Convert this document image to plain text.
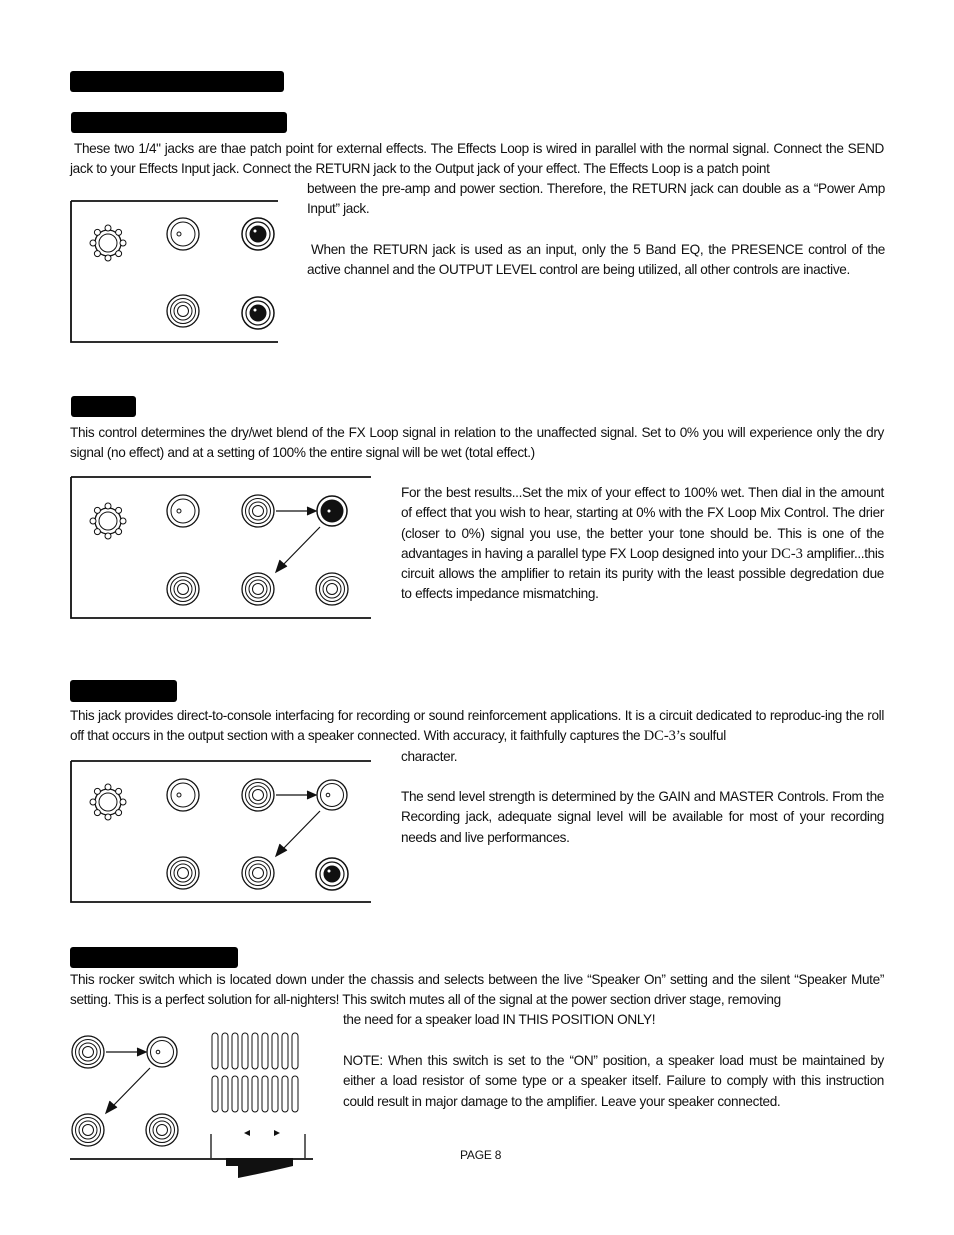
These two 1/4" jacks are thae patch point for external effects. The Effects Loop is wired in parallel with the normal signal. Connect the SEND jack to your Effects Input jack. Connect the RETURN jack to the Output jack of your effect. The Effects Loop is a patch point

between the pre-amp and power section. Therefore, the RETURN jack can double as a “Power Amp Input” jack.

When the RETURN jack is used as an input, only the 5 Band EQ, the PRESENCE control of the active channel and the OUTPUT LEVEL control are being utilized, all other controls are inactive.

This control determines the dry/wet blend of the FX Loop signal in relation to the unaffected signal. Set to 0% you will experience only the dry signal (no effect) and at a setting of 100% the entire signal will be wet (total effect.)

For the best results...Set the mix of your effect to 100% wet. Then dial in the amount of effect that you wish to hear, starting at 0% with the FX Loop Mix Control. The drier (closer to 0%) signal you use, the better your tone should be. This is one of the advantages in having a parallel type FX Loop designed into your DC-3 amplifier...this circuit allows the amplifier to retain its purity with the least possible degredation due to effects impedance mismatching.

This jack provides direct-to-console interfacing for recording or sound reinforcement applications. It is a circuit dedicated to reproduc-ing the roll off that occurs in the output section with a speaker connected. With accuracy, it faithfully captures the DC-3’s soulful

character.

The send level strength is determined by the GAIN and MASTER Controls. From the Recording jack, adequate signal level will be available for most of your recording needs and live performances.

This rocker switch which is located down under the chassis and selects between the live “Speaker On” setting and the silent “Speaker Mute” setting. This is a perfect solution for all-nighters! This switch mutes all of the signal at the power section driver stage, removing

the need for a speaker load IN THIS POSITION ONLY!

NOTE: When this switch is set to the “ON” position, a speaker load must be maintained by either a load resistor of some type or a speaker itself. Failure to comply with this instruction could result in major damage to the amplifier. Leave your speaker connected.

PAGE 8
